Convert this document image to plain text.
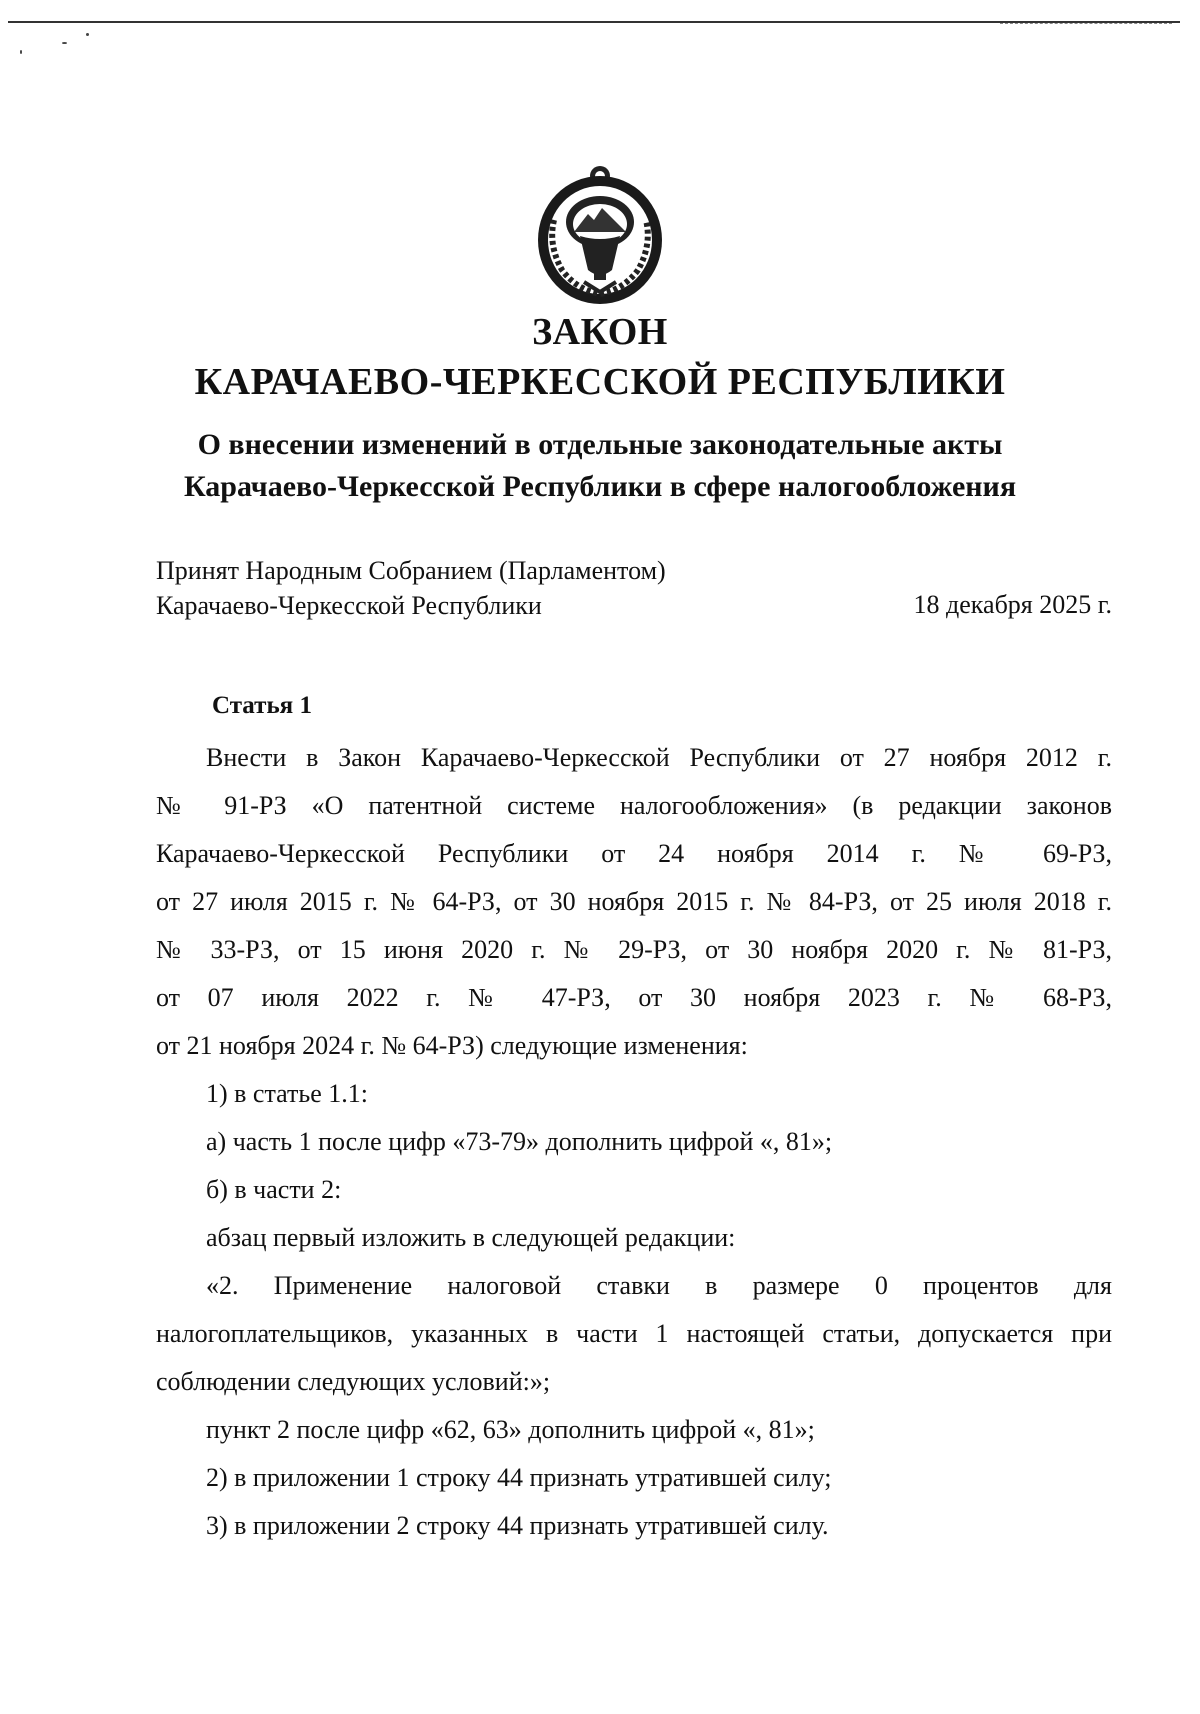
ЗАКОН
КАРАЧАЕВО-ЧЕРКЕССКОЙ РЕСПУБЛИКИ

О внесении изменений в отдельные законодательные акты

Карачаево-Черкесской Республики в сфере налогообложения

Принят Народным Собранием (Парламентом)
Карачаево-Черкесской Республики	18 декабря 2025 г.
Статья 1
Внести в Закон Карачаево-Черкесской Республики от 27 ноября 2012 г.
№ 91-РЗ «О патентной системе налогообложения» (в редакции законов
Карачаево-Черкесской Республики от 24 ноября 2014 г. № 69-РЗ,
от 27 июля 2015 г. № 64-РЗ, от 30 ноября 2015 г. № 84-РЗ, от 25 июля 2018 г.
№ 33-РЗ, от 15 июня 2020 г. № 29-РЗ, от 30 ноября 2020 г. № 81-РЗ,
от 07 июля 2022 г. № 47-РЗ, от 30 ноября 2023 г. № 68-РЗ,
от 21 ноября 2024 г. № 64-РЗ) следующие изменения:
1) в статье 1.1:
а) часть 1 после цифр «73-79» дополнить цифрой «, 81»;
б) в части 2:
абзац первый изложить в следующей редакции:
«2. Применение налоговой ставки в размере 0 процентов для
налогоплательщиков, указанных в части 1 настоящей статьи, допускается при
соблюдении следующих условий:»;
пункт 2 после цифр «62, 63» дополнить цифрой «, 81»;
2) в приложении 1 строку 44 признать утратившей силу;
3) в приложении 2 строку 44 признать утратившей силу.
